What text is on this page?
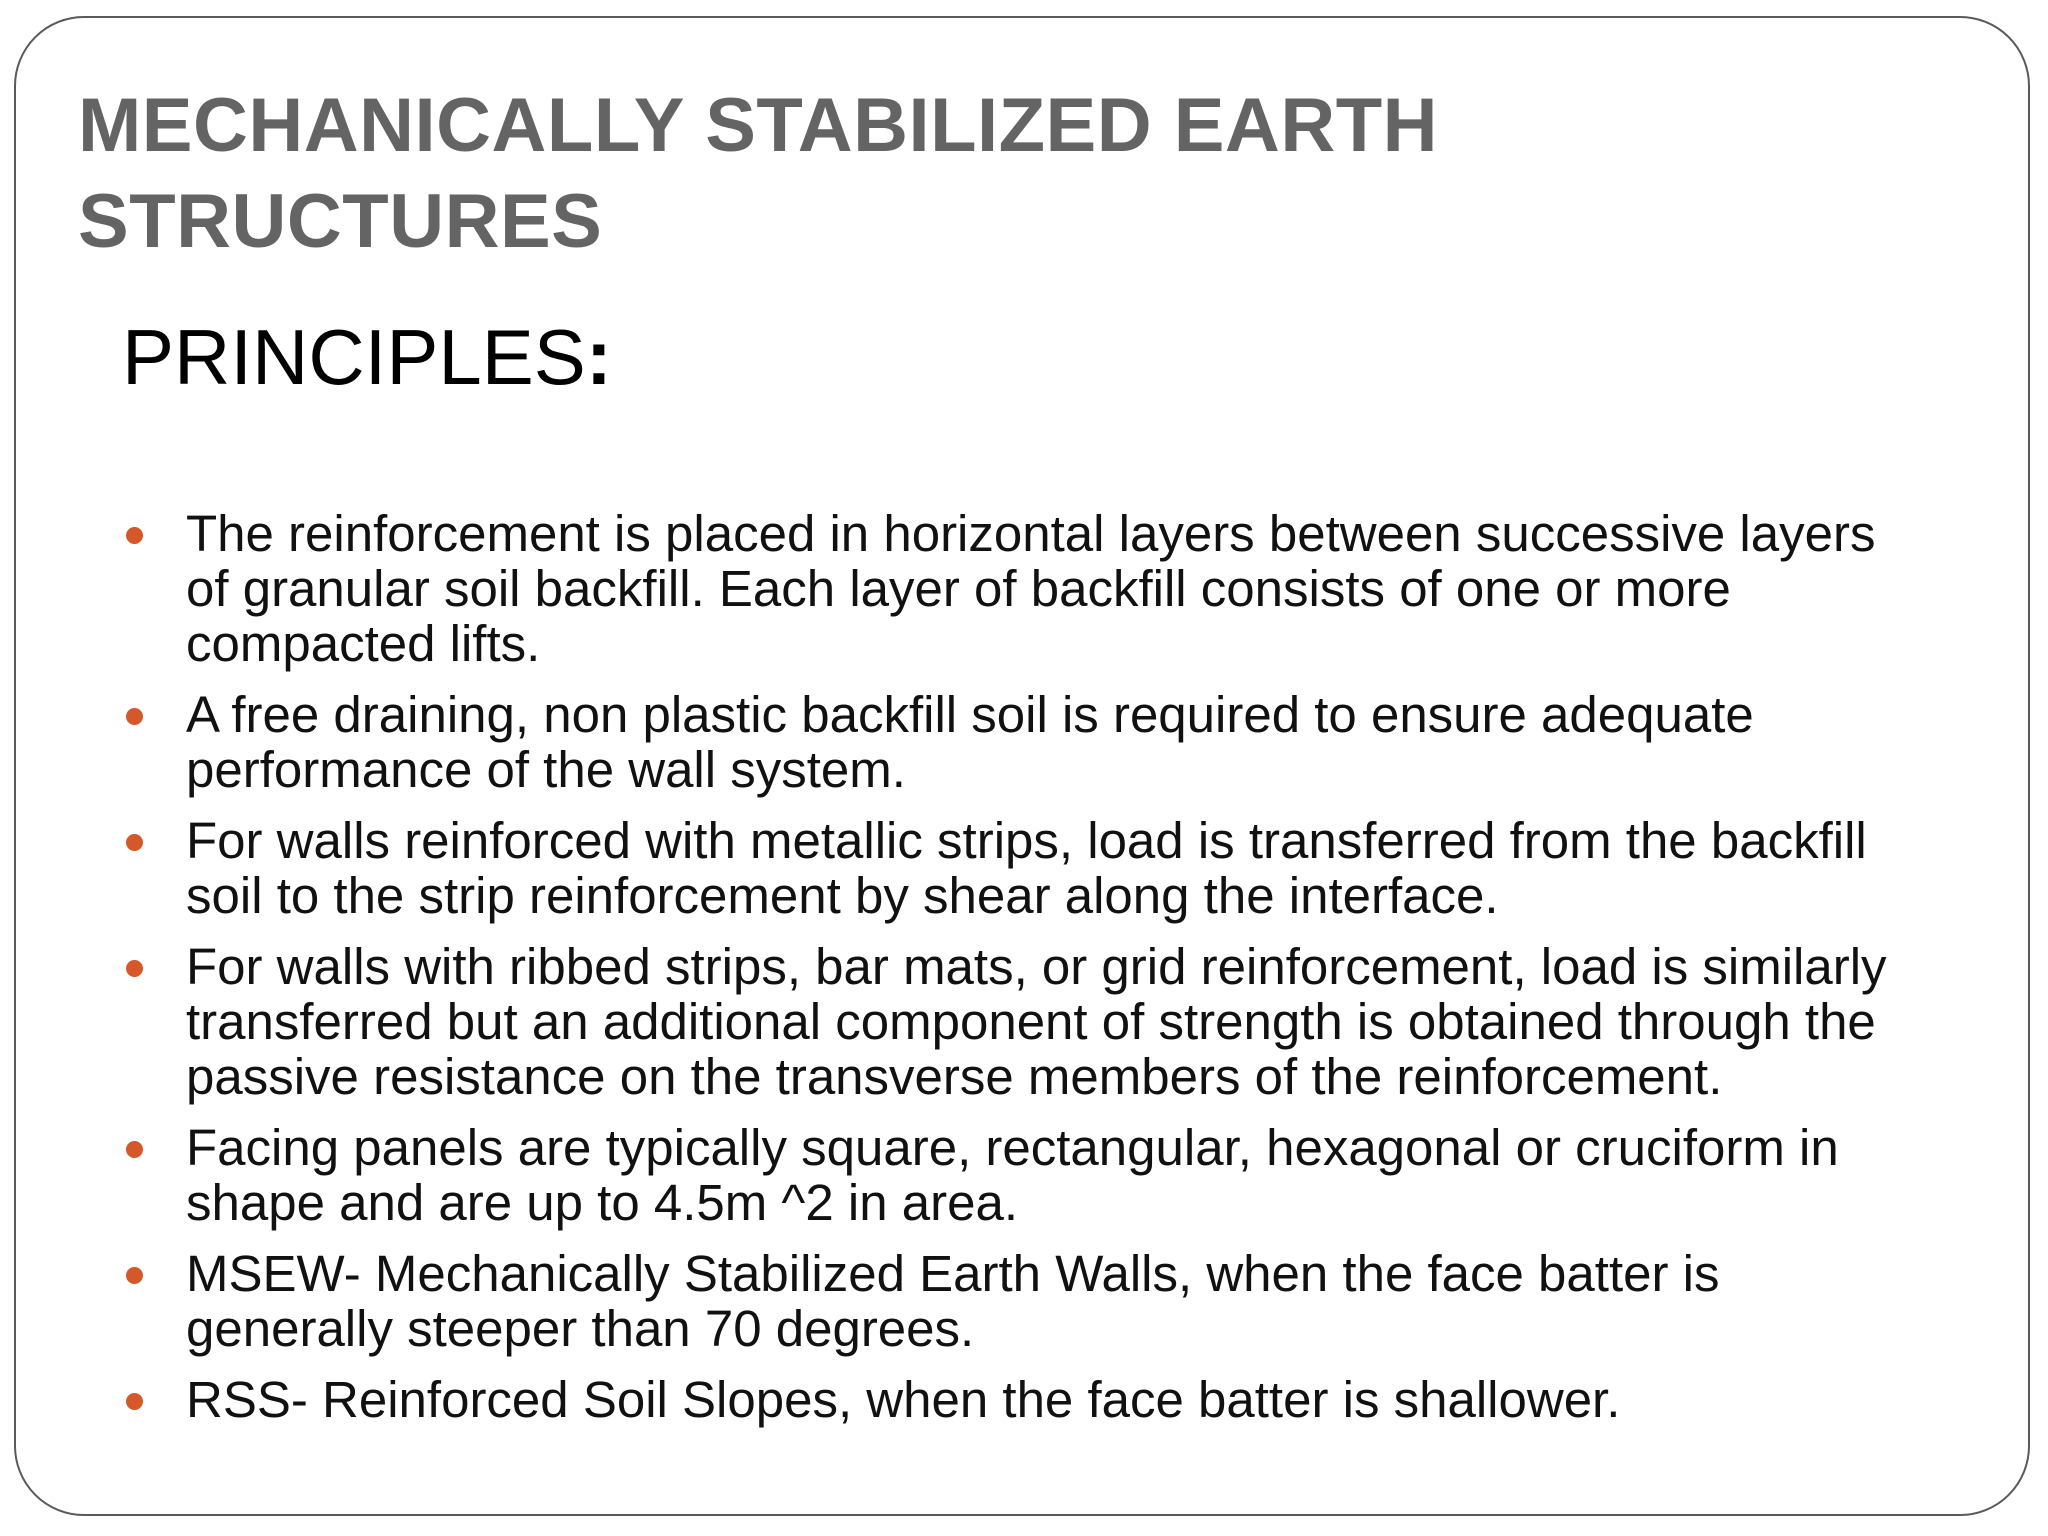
MECHANICALLY STABILIZED EARTH
STRUCTURES
PRINCIPLES:
The reinforcement is placed in horizontal layers between successive layers of granular soil backfill. Each layer of backfill consists of one or more compacted lifts.
A free draining, non plastic backfill soil is required to ensure adequate performance of the wall system.
For walls reinforced with metallic strips, load is transferred from the backfill soil to the strip reinforcement by shear along the interface.
For walls with ribbed strips, bar mats, or grid reinforcement, load is similarly transferred but an additional component of strength is obtained through the passive resistance on the transverse members of the reinforcement.
Facing panels are typically square, rectangular, hexagonal or cruciform in shape and are up to 4.5m ^2 in area.
MSEW- Mechanically Stabilized Earth Walls, when the face batter is generally steeper than 70 degrees.
RSS- Reinforced Soil Slopes, when the face batter is shallower.
